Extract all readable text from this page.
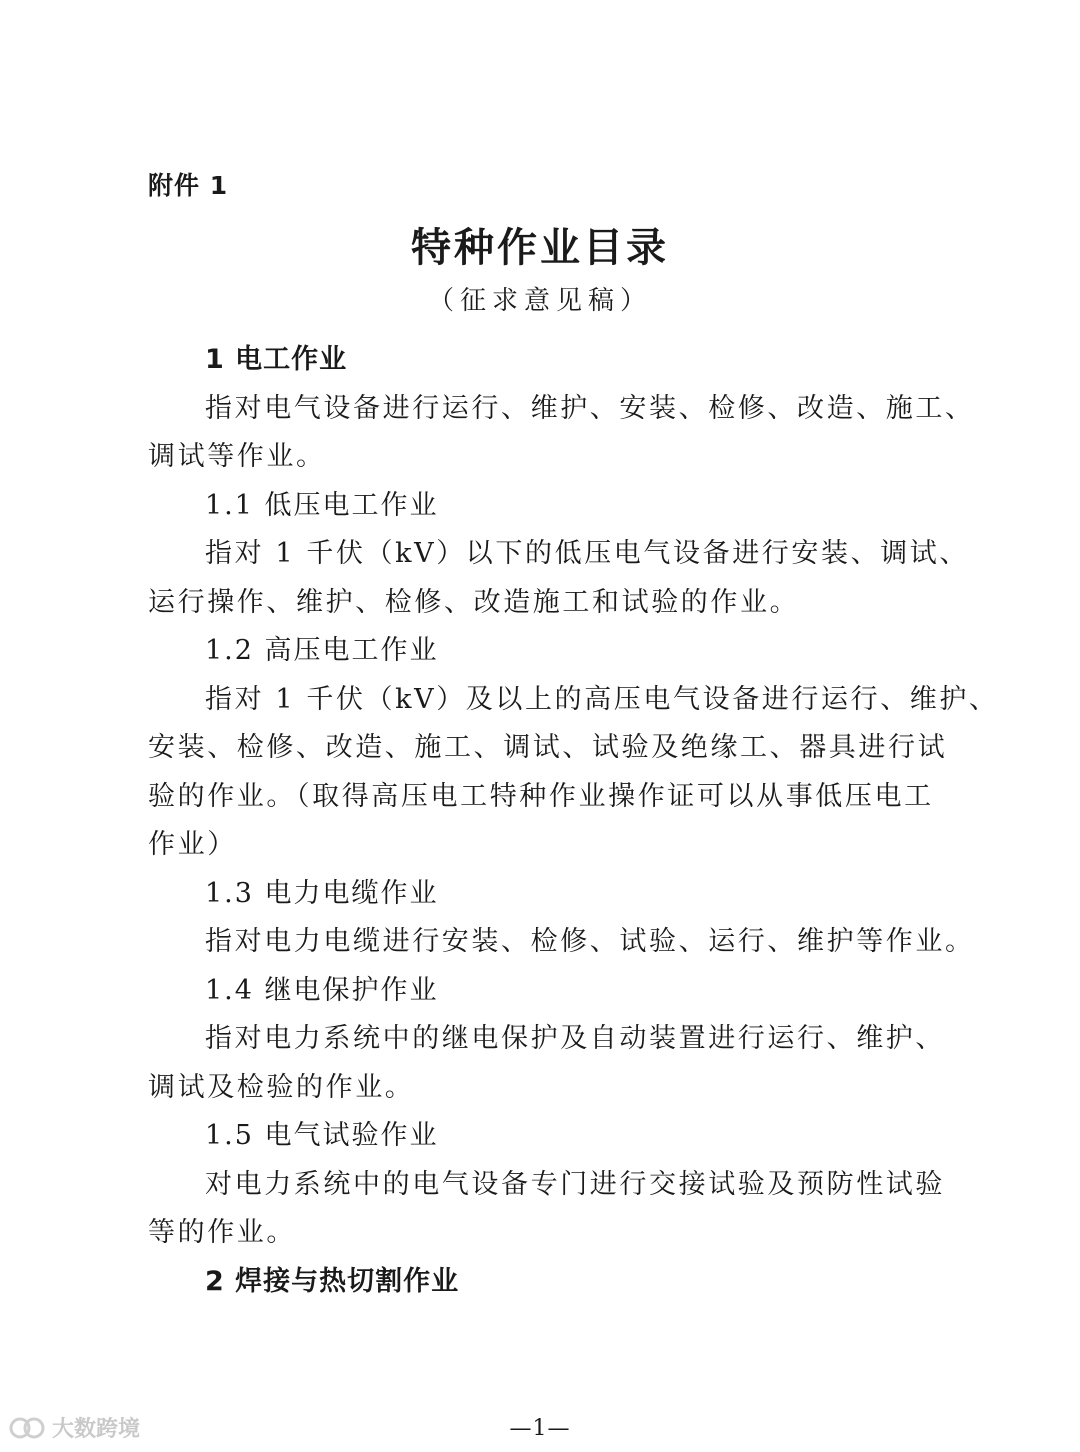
附件 1
特种作业目录
（征求意见稿）
1 电工作业
指对电气设备进行运行、维护、安装、检修、改造、施工、
调试等作业。
1.1 低压电工作业
指对 1 千伏（kV）以下的低压电气设备进行安装、调试、
运行操作、维护、检修、改造施工和试验的作业。
1.2 高压电工作业
指对 1 千伏（kV）及以上的高压电气设备进行运行、维护、
安装、检修、改造、施工、调试、试验及绝缘工、器具进行试
验的作业。（取得高压电工特种作业操作证可以从事低压电工
作业）
1.3 电力电缆作业
指对电力电缆进行安装、检修、试验、运行、维护等作业。
1.4 继电保护作业
指对电力系统中的继电保护及自动装置进行运行、维护、
调试及检验的作业。
1.5 电气试验作业
对电力系统中的电气设备专门进行交接试验及预防性试验
等的作业。
2 焊接与热切割作业
大数跨境	—1—
